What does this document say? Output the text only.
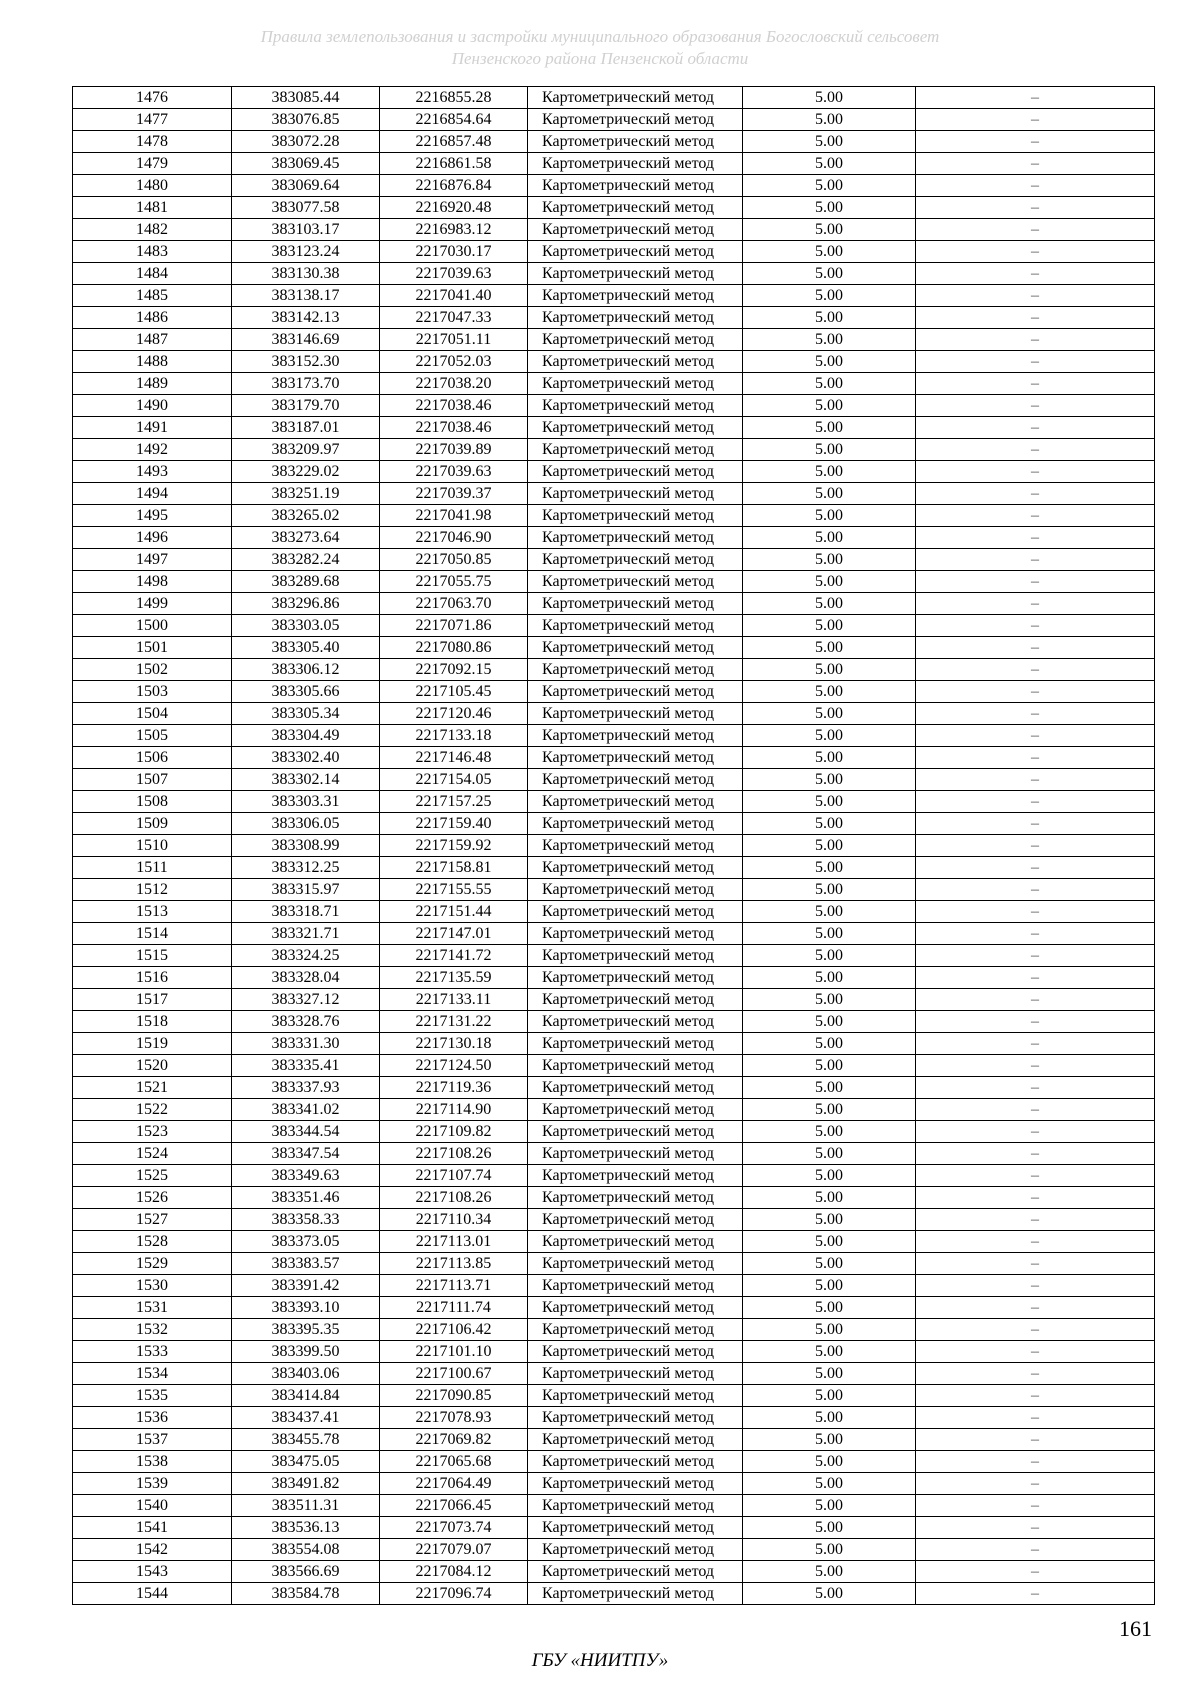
Правила землепользования и застройки муниципального образования Богословский сельсовет
Пензенского района Пензенской области
1476	383085.44	2216855.28	Картометрический метод	5.00	–
1477	383076.85	2216854.64	Картометрический метод	5.00	–
1478	383072.28	2216857.48	Картометрический метод	5.00	–
1479	383069.45	2216861.58	Картометрический метод	5.00	–
1480	383069.64	2216876.84	Картометрический метод	5.00	–
1481	383077.58	2216920.48	Картометрический метод	5.00	–
1482	383103.17	2216983.12	Картометрический метод	5.00	–
1483	383123.24	2217030.17	Картометрический метод	5.00	–
1484	383130.38	2217039.63	Картометрический метод	5.00	–
1485	383138.17	2217041.40	Картометрический метод	5.00	–
1486	383142.13	2217047.33	Картометрический метод	5.00	–
1487	383146.69	2217051.11	Картометрический метод	5.00	–
1488	383152.30	2217052.03	Картометрический метод	5.00	–
1489	383173.70	2217038.20	Картометрический метод	5.00	–
1490	383179.70	2217038.46	Картометрический метод	5.00	–
1491	383187.01	2217038.46	Картометрический метод	5.00	–
1492	383209.97	2217039.89	Картометрический метод	5.00	–
1493	383229.02	2217039.63	Картометрический метод	5.00	–
1494	383251.19	2217039.37	Картометрический метод	5.00	–
1495	383265.02	2217041.98	Картометрический метод	5.00	–
1496	383273.64	2217046.90	Картометрический метод	5.00	–
1497	383282.24	2217050.85	Картометрический метод	5.00	–
1498	383289.68	2217055.75	Картометрический метод	5.00	–
1499	383296.86	2217063.70	Картометрический метод	5.00	–
1500	383303.05	2217071.86	Картометрический метод	5.00	–
1501	383305.40	2217080.86	Картометрический метод	5.00	–
1502	383306.12	2217092.15	Картометрический метод	5.00	–
1503	383305.66	2217105.45	Картометрический метод	5.00	–
1504	383305.34	2217120.46	Картометрический метод	5.00	–
1505	383304.49	2217133.18	Картометрический метод	5.00	–
1506	383302.40	2217146.48	Картометрический метод	5.00	–
1507	383302.14	2217154.05	Картометрический метод	5.00	–
1508	383303.31	2217157.25	Картометрический метод	5.00	–
1509	383306.05	2217159.40	Картометрический метод	5.00	–
1510	383308.99	2217159.92	Картометрический метод	5.00	–
1511	383312.25	2217158.81	Картометрический метод	5.00	–
1512	383315.97	2217155.55	Картометрический метод	5.00	–
1513	383318.71	2217151.44	Картометрический метод	5.00	–
1514	383321.71	2217147.01	Картометрический метод	5.00	–
1515	383324.25	2217141.72	Картометрический метод	5.00	–
1516	383328.04	2217135.59	Картометрический метод	5.00	–
1517	383327.12	2217133.11	Картометрический метод	5.00	–
1518	383328.76	2217131.22	Картометрический метод	5.00	–
1519	383331.30	2217130.18	Картометрический метод	5.00	–
1520	383335.41	2217124.50	Картометрический метод	5.00	–
1521	383337.93	2217119.36	Картометрический метод	5.00	–
1522	383341.02	2217114.90	Картометрический метод	5.00	–
1523	383344.54	2217109.82	Картометрический метод	5.00	–
1524	383347.54	2217108.26	Картометрический метод	5.00	–
1525	383349.63	2217107.74	Картометрический метод	5.00	–
1526	383351.46	2217108.26	Картометрический метод	5.00	–
1527	383358.33	2217110.34	Картометрический метод	5.00	–
1528	383373.05	2217113.01	Картометрический метод	5.00	–
1529	383383.57	2217113.85	Картометрический метод	5.00	–
1530	383391.42	2217113.71	Картометрический метод	5.00	–
1531	383393.10	2217111.74	Картометрический метод	5.00	–
1532	383395.35	2217106.42	Картометрический метод	5.00	–
1533	383399.50	2217101.10	Картометрический метод	5.00	–
1534	383403.06	2217100.67	Картометрический метод	5.00	–
1535	383414.84	2217090.85	Картометрический метод	5.00	–
1536	383437.41	2217078.93	Картометрический метод	5.00	–
1537	383455.78	2217069.82	Картометрический метод	5.00	–
1538	383475.05	2217065.68	Картометрический метод	5.00	–
1539	383491.82	2217064.49	Картометрический метод	5.00	–
1540	383511.31	2217066.45	Картометрический метод	5.00	–
1541	383536.13	2217073.74	Картометрический метод	5.00	–
1542	383554.08	2217079.07	Картометрический метод	5.00	–
1543	383566.69	2217084.12	Картометрический метод	5.00	–
1544	383584.78	2217096.74	Картометрический метод	5.00	–
161
ГБУ «НИИТПУ»
